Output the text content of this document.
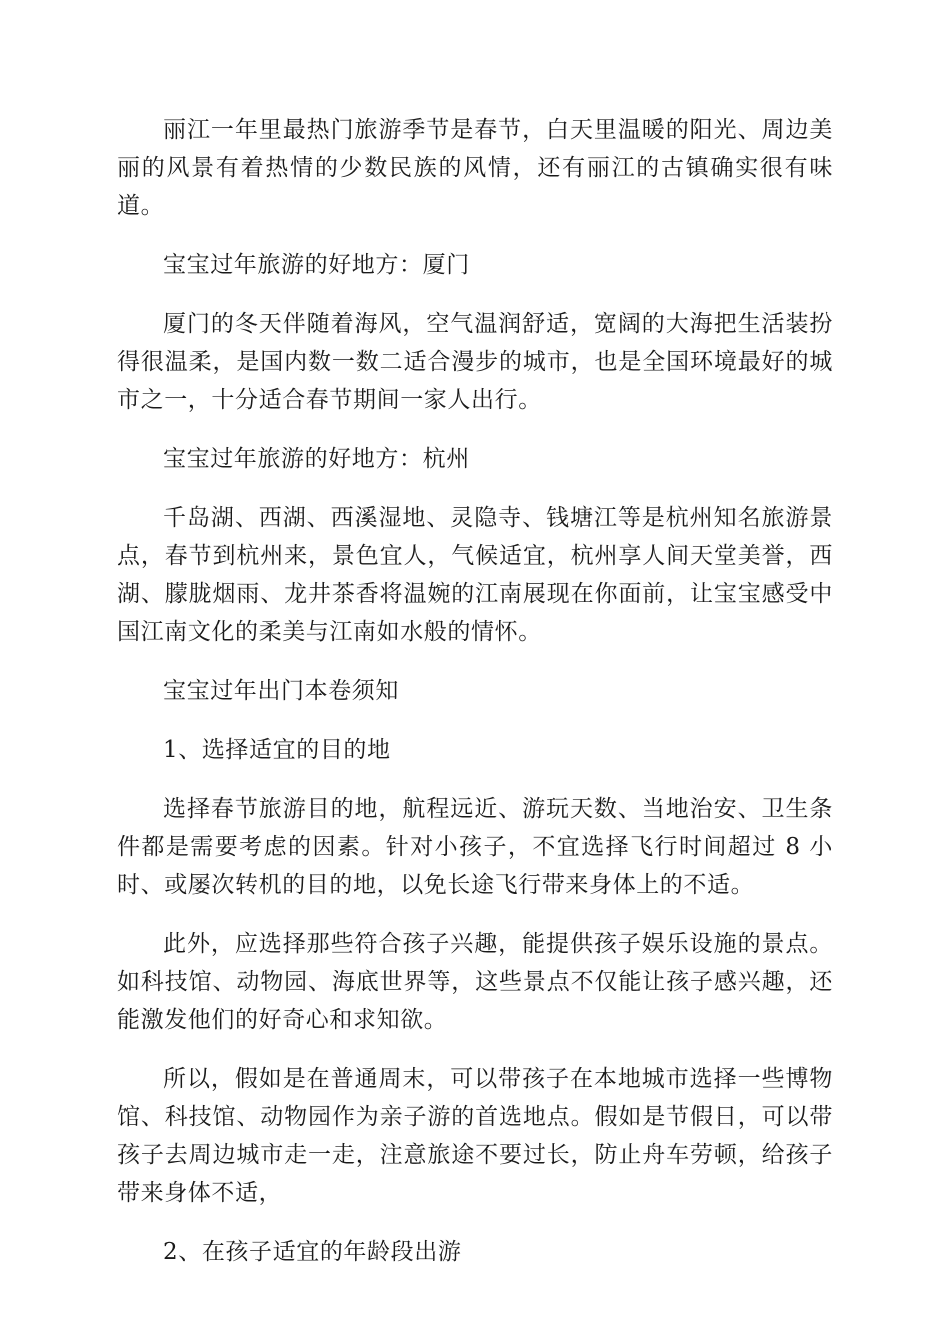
丽江一年里最热门旅游季节是春节，白天里温暖的阳光、周边美丽的风景有着热情的少数民族的风情，还有丽江的古镇确实很有味道。

宝宝过年旅游的好地方：厦门

厦门的冬天伴随着海风，空气温润舒适，宽阔的大海把生活装扮得很温柔，是国内数一数二适合漫步的城市，也是全国环境最好的城市之一，十分适合春节期间一家人出行。

宝宝过年旅游的好地方：杭州

千岛湖、西湖、西溪湿地、灵隐寺、钱塘江等是杭州知名旅游景点，春节到杭州来，景色宜人，气候适宜，杭州享人间天堂美誉，西湖、朦胧烟雨、龙井茶香将温婉的江南展现在你面前，让宝宝感受中国江南文化的柔美与江南如水般的情怀。

宝宝过年出门本卷须知

1、选择适宜的目的地

选择春节旅游目的地，航程远近、游玩天数、当地治安、卫生条件都是需要考虑的因素。针对小孩子，不宜选择飞行时间超过 8 小时、或屡次转机的目的地，以免长途飞行带来身体上的不适。

此外，应选择那些符合孩子兴趣，能提供孩子娱乐设施的景点。如科技馆、动物园、海底世界等，这些景点不仅能让孩子感兴趣，还能激发他们的好奇心和求知欲。

所以，假如是在普通周末，可以带孩子在本地城市选择一些博物馆、科技馆、动物园作为亲子游的首选地点。假如是节假日，可以带孩子去周边城市走一走，注意旅途不要过长，防止舟车劳顿，给孩子带来身体不适，

2、在孩子适宜的年龄段出游
